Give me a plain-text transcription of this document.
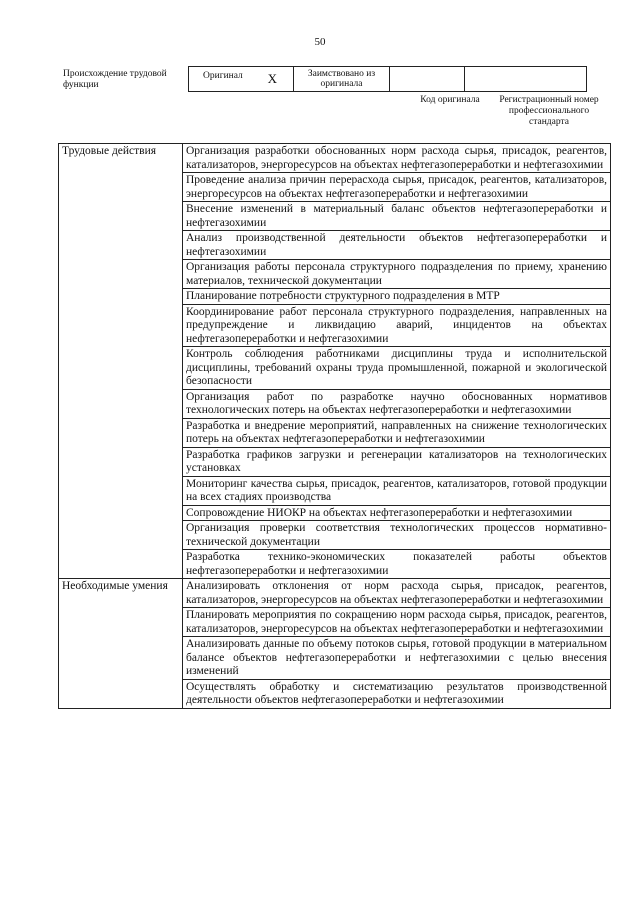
50
Происхождение трудовой функции
Оригинал X	Заимствовано из оригинала		
Код оригинала	Регистрационный номер профессионального стандарта
Трудовые действия	Организация разработки обоснованных норм расхода сырья, присадок, реагентов, катализаторов, энергоресурсов на объектах нефтегазопереработки и нефтегазохимии
	Проведение анализа причин перерасхода сырья, присадок, реагентов, катализаторов, энергоресурсов на объектах нефтегазопереработки и нефтегазохимии
	Внесение изменений в материальный баланс объектов нефтегазопереработки и нефтегазохимии
	Анализ производственной деятельности объектов нефтегазопереработки и нефтегазохимии
	Организация работы персонала структурного подразделения по приему, хранению материалов, технической документации
	Планирование потребности структурного подразделения в МТР
	Координирование работ персонала структурного подразделения, направленных на предупреждение и ликвидацию аварий, инцидентов на объектах нефтегазопереработки и нефтегазохимии
	Контроль соблюдения работниками дисциплины труда и исполнительской дисциплины, требований охраны труда промышленной, пожарной и экологической безопасности
	Организация работ по разработке научно обоснованных нормативов технологических потерь на объектах нефтегазопереработки и нефтегазохимии
	Разработка и внедрение мероприятий, направленных на снижение технологических потерь на объектах нефтегазопереработки и нефтегазохимии
	Разработка графиков загрузки и регенерации катализаторов на технологических установках
	Мониторинг качества сырья, присадок, реагентов, катализаторов, готовой продукции на всех стадиях производства
	Сопровождение НИОКР на объектах нефтегазопереработки и нефтегазохимии
	Организация проверки соответствия технологических процессов нормативно-технической документации
	Разработка технико-экономических показателей работы объектов нефтегазопереработки и нефтегазохимии
Необходимые умения	Анализировать отклонения от норм расхода сырья, присадок, реагентов, катализаторов, энергоресурсов на объектах нефтегазопереработки и нефтегазохимии
	Планировать мероприятия по сокращению норм расхода сырья, присадок, реагентов, катализаторов, энергоресурсов на объектах нефтегазопереработки и нефтегазохимии
	Анализировать данные по объему потоков сырья, готовой продукции в материальном балансе объектов нефтегазопереработки и нефтегазохимии с целью внесения изменений
	Осуществлять обработку и систематизацию результатов производственной деятельности объектов нефтегазопереработки и нефтегазохимии
